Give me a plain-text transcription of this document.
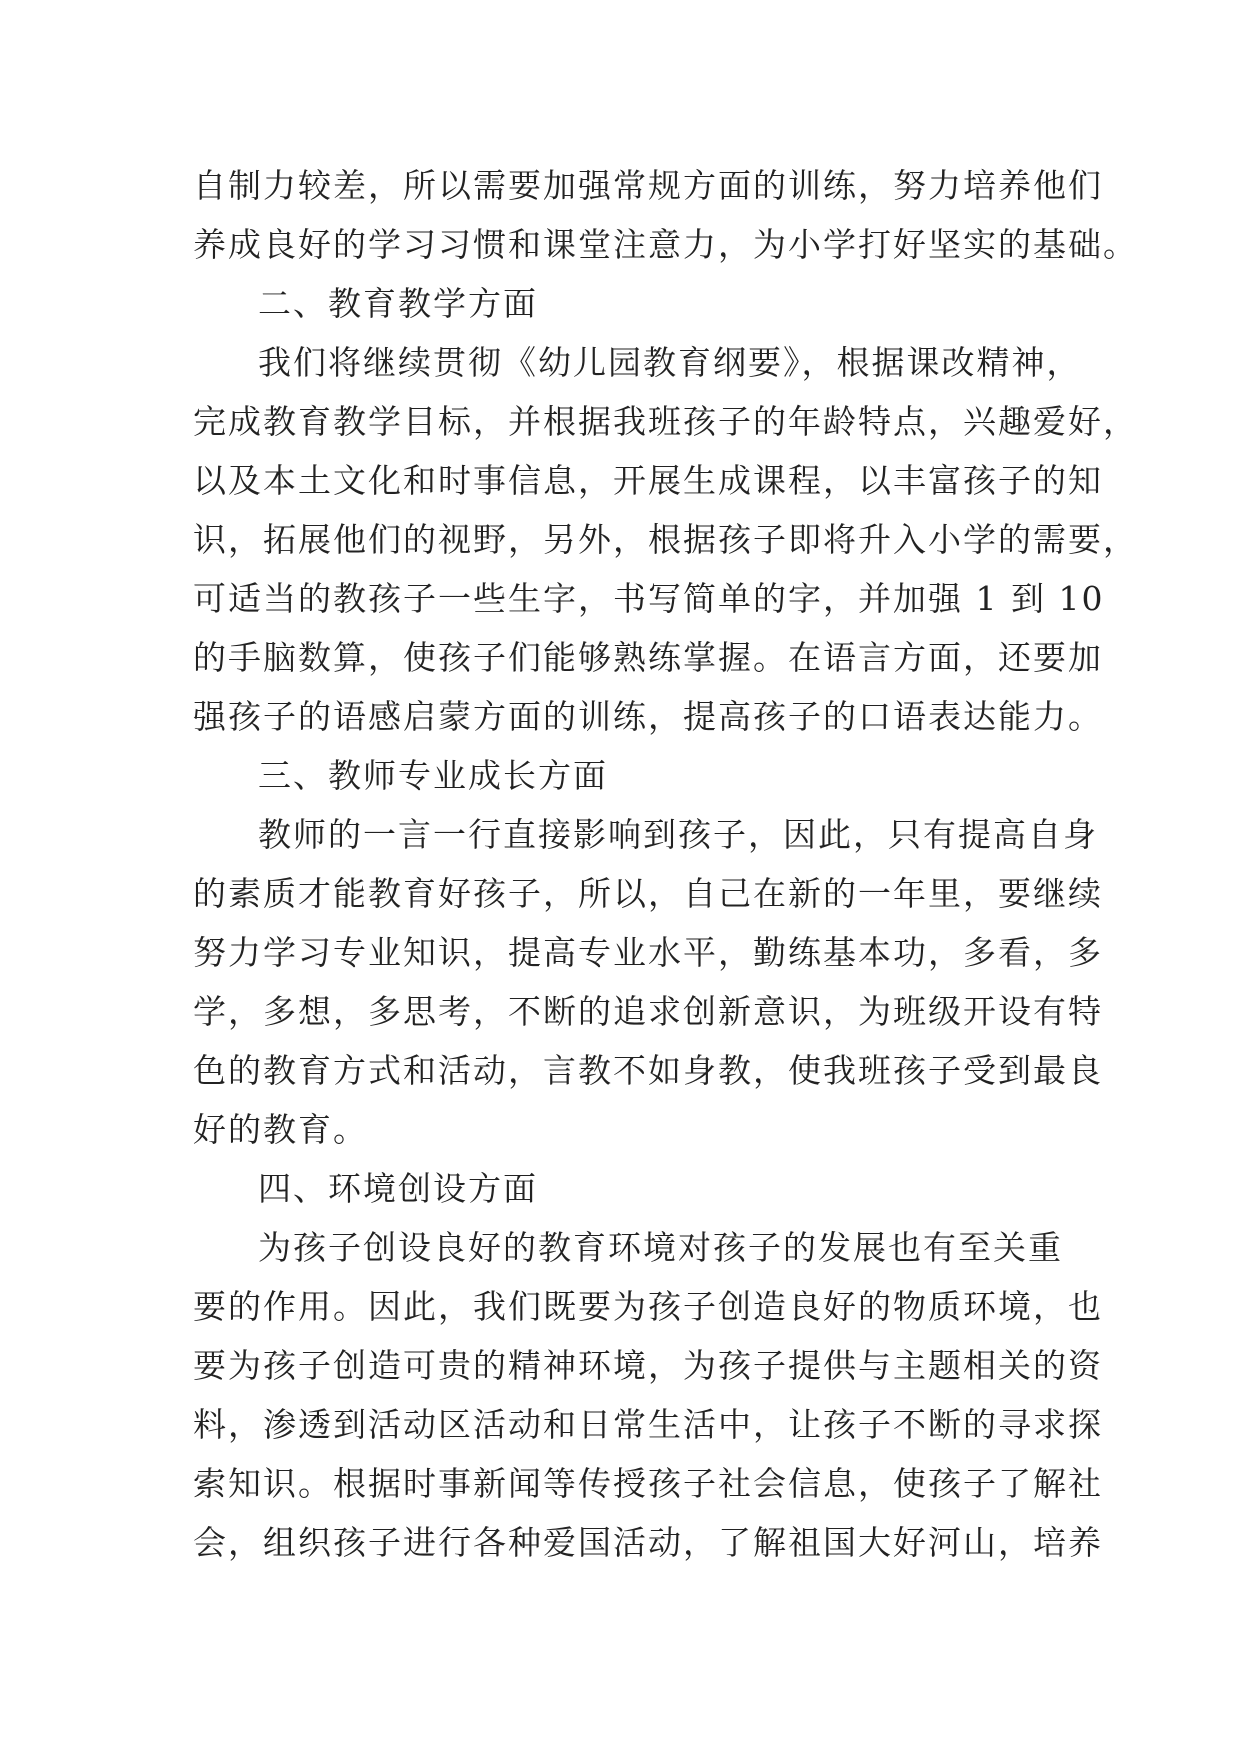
自制力较差，所以需要加强常规方面的训练，努力培养他们
养成良好的学习习惯和课堂注意力，为小学打好坚实的基础。
二、教育教学方面
我们将继续贯彻《幼儿园教育纲要》，根据课改精神，
完成教育教学目标，并根据我班孩子的年龄特点，兴趣爱好，
以及本土文化和时事信息，开展生成课程，以丰富孩子的知
识，拓展他们的视野，另外，根据孩子即将升入小学的需要，
可适当的教孩子一些生字，书写简单的字，并加强 1 到 10
的手脑数算，使孩子们能够熟练掌握。在语言方面，还要加
强孩子的语感启蒙方面的训练，提高孩子的口语表达能力。
三、教师专业成长方面
教师的一言一行直接影响到孩子，因此，只有提高自身
的素质才能教育好孩子，所以，自己在新的一年里，要继续
努力学习专业知识，提高专业水平，勤练基本功，多看，多
学，多想，多思考，不断的追求创新意识，为班级开设有特
色的教育方式和活动，言教不如身教，使我班孩子受到最良
好的教育。
四、环境创设方面
为孩子创设良好的教育环境对孩子的发展也有至关重
要的作用。因此，我们既要为孩子创造良好的物质环境，也
要为孩子创造可贵的精神环境，为孩子提供与主题相关的资
料，渗透到活动区活动和日常生活中，让孩子不断的寻求探
索知识。根据时事新闻等传授孩子社会信息，使孩子了解社
会，组织孩子进行各种爱国活动，了解祖国大好河山，培养
